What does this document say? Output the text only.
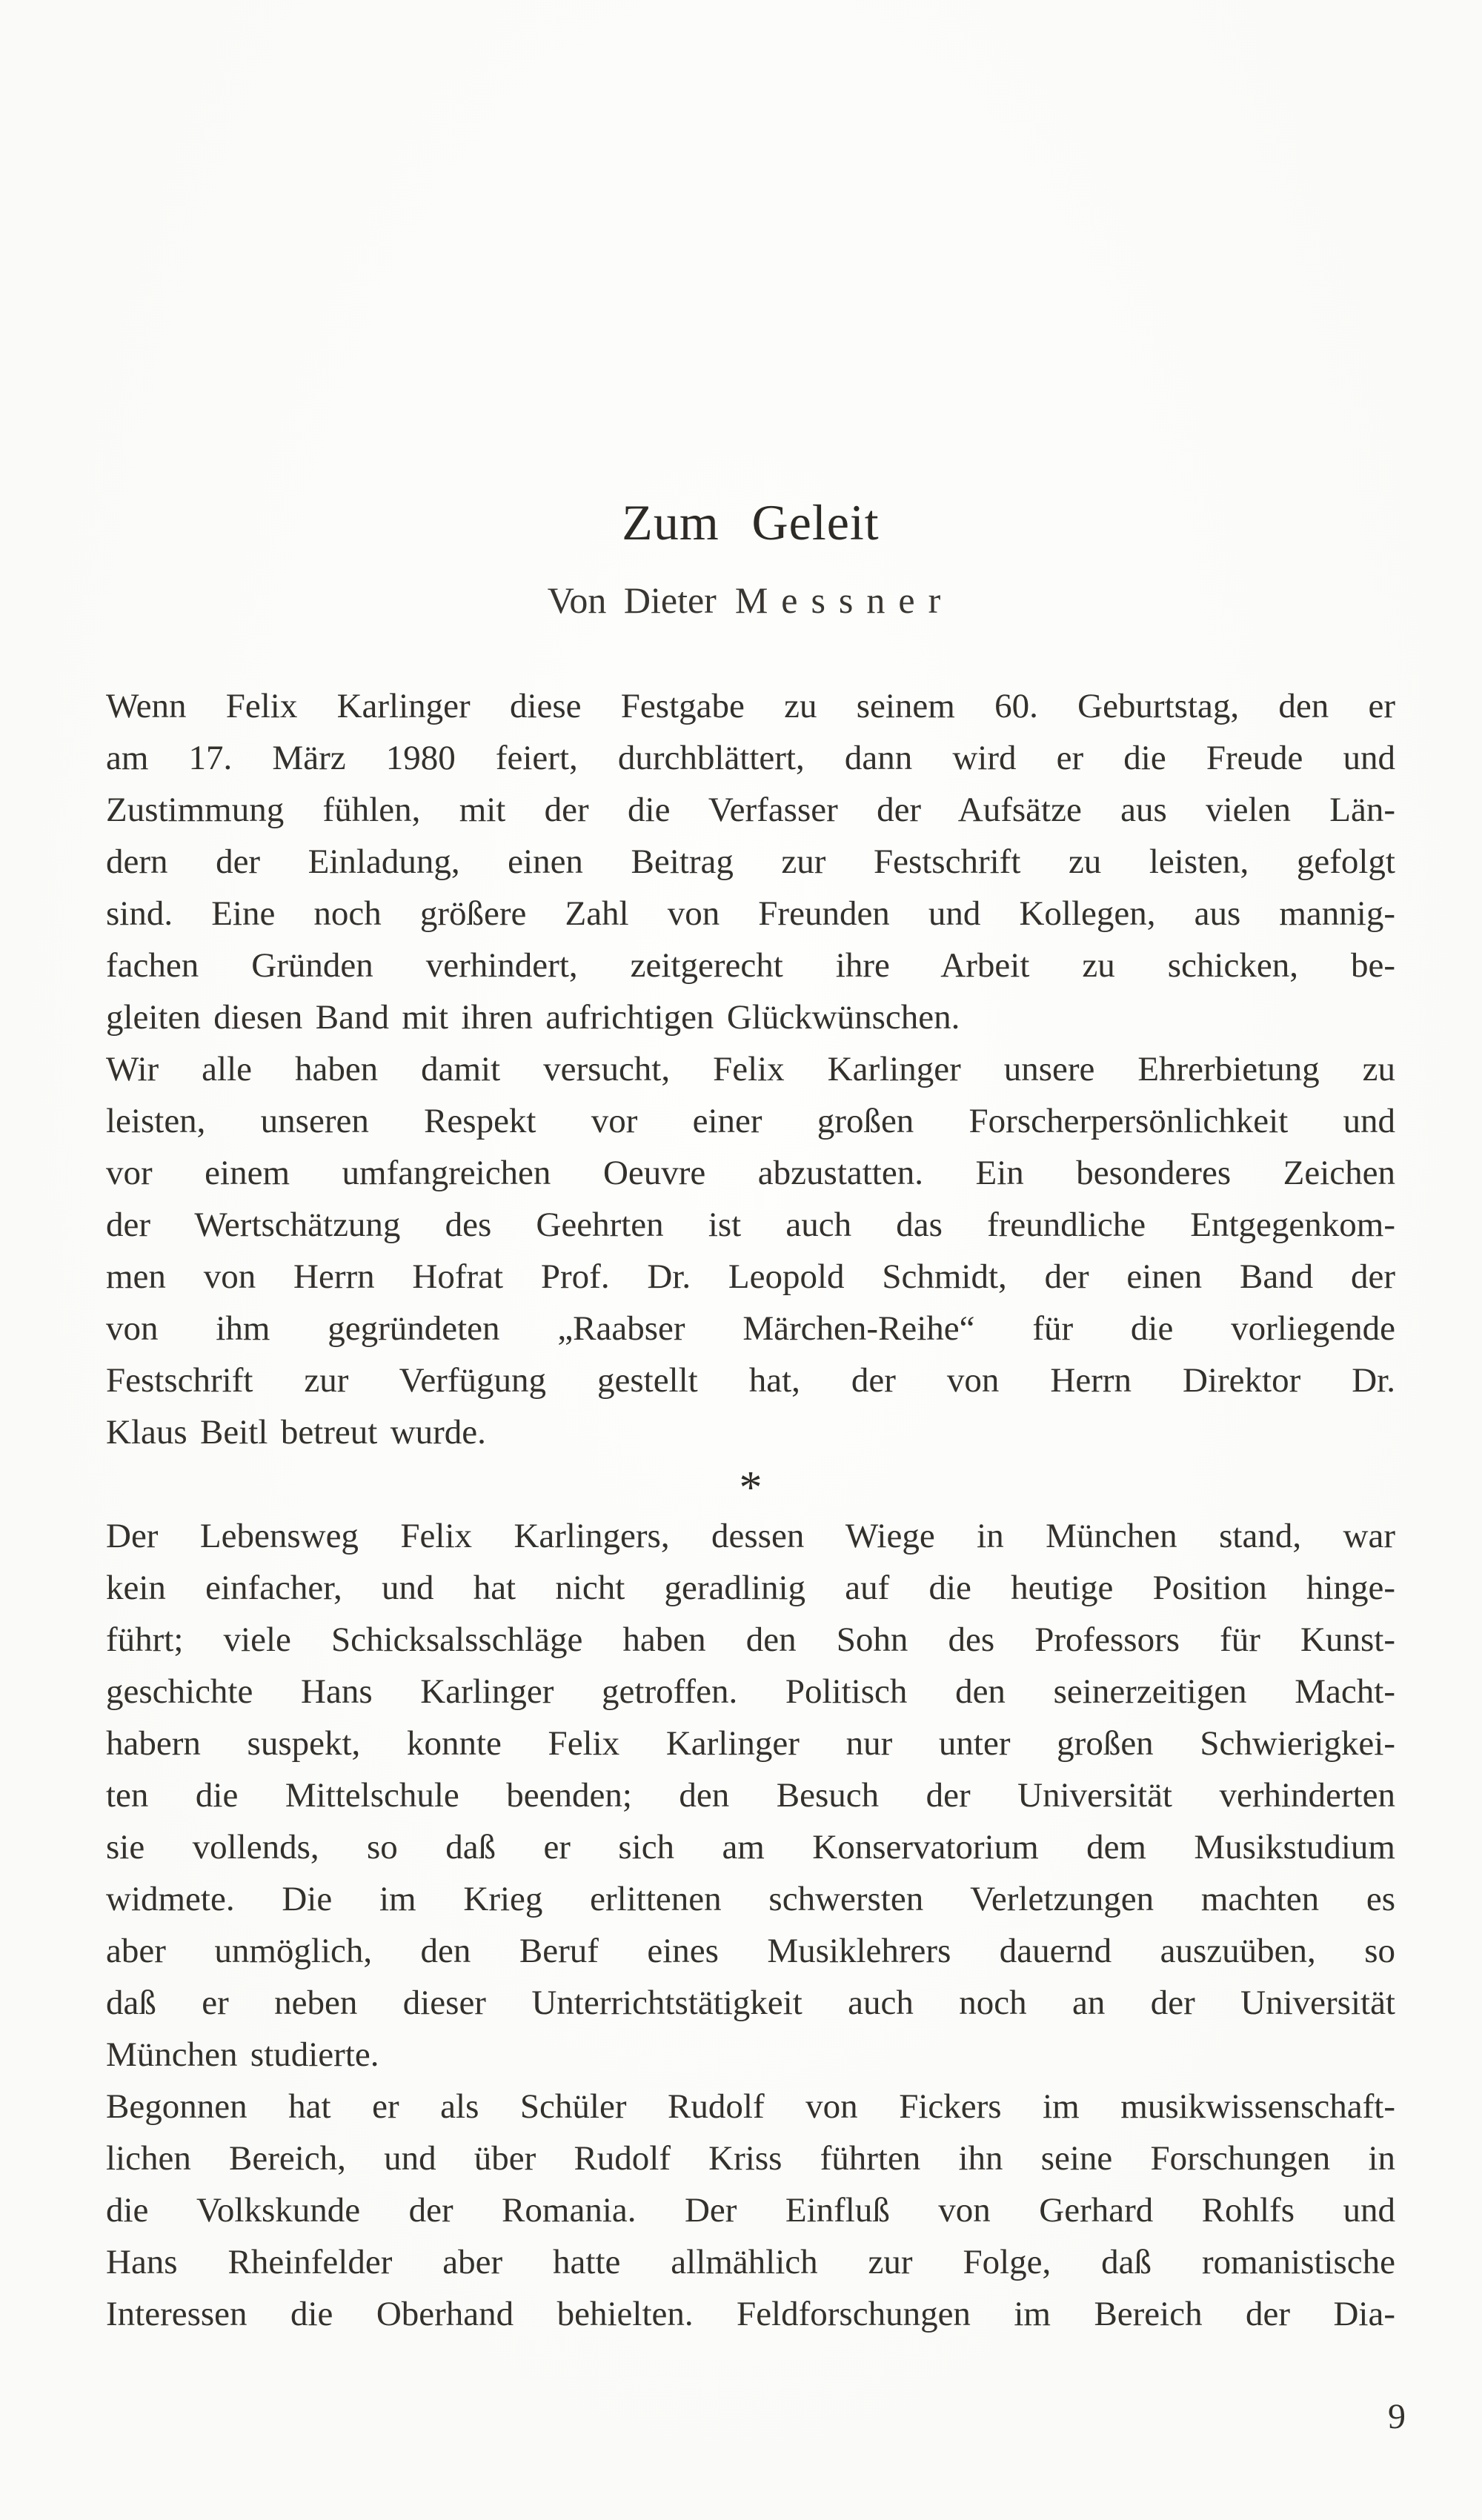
Zum Geleit
Von Dieter Messner
Wenn Felix Karlinger diese Festgabe zu seinem 60. Geburtstag, den er
am 17. März 1980 feiert, durchblättert, dann wird er die Freude und
Zustimmung fühlen, mit der die Verfasser der Aufsätze aus vielen Län-
dern der Einladung, einen Beitrag zur Festschrift zu leisten, gefolgt
sind. Eine noch größere Zahl von Freunden und Kollegen, aus mannig-
fachen Gründen verhindert, zeitgerecht ihre Arbeit zu schicken, be-
gleiten diesen Band mit ihren aufrichtigen Glückwünschen.
Wir alle haben damit versucht, Felix Karlinger unsere Ehrerbietung zu
leisten, unseren Respekt vor einer großen Forscherpersönlichkeit und
vor einem umfangreichen Oeuvre abzustatten. Ein besonderes Zeichen
der Wertschätzung des Geehrten ist auch das freundliche Entgegenkom-
men von Herrn Hofrat Prof. Dr. Leopold Schmidt, der einen Band der
von ihm gegründeten „Raabser Märchen-Reihe“ für die vorliegende
Festschrift zur Verfügung gestellt hat, der von Herrn Direktor Dr.
Klaus Beitl betreut wurde.
*
Der Lebensweg Felix Karlingers, dessen Wiege in München stand, war
kein einfacher, und hat nicht geradlinig auf die heutige Position hinge-
führt; viele Schicksalsschläge haben den Sohn des Professors für Kunst-
geschichte Hans Karlinger getroffen. Politisch den seinerzeitigen Macht-
habern suspekt, konnte Felix Karlinger nur unter großen Schwierigkei-
ten die Mittelschule beenden; den Besuch der Universität verhinderten
sie vollends, so daß er sich am Konservatorium dem Musikstudium
widmete. Die im Krieg erlittenen schwersten Verletzungen machten es
aber unmöglich, den Beruf eines Musiklehrers dauernd auszuüben, so
daß er neben dieser Unterrichtstätigkeit auch noch an der Universität
München studierte.
Begonnen hat er als Schüler Rudolf von Fickers im musikwissenschaft-
lichen Bereich, und über Rudolf Kriss führten ihn seine Forschungen in
die Volkskunde der Romania. Der Einfluß von Gerhard Rohlfs und
Hans Rheinfelder aber hatte allmählich zur Folge, daß romanistische
Interessen die Oberhand behielten. Feldforschungen im Bereich der Dia-
9
